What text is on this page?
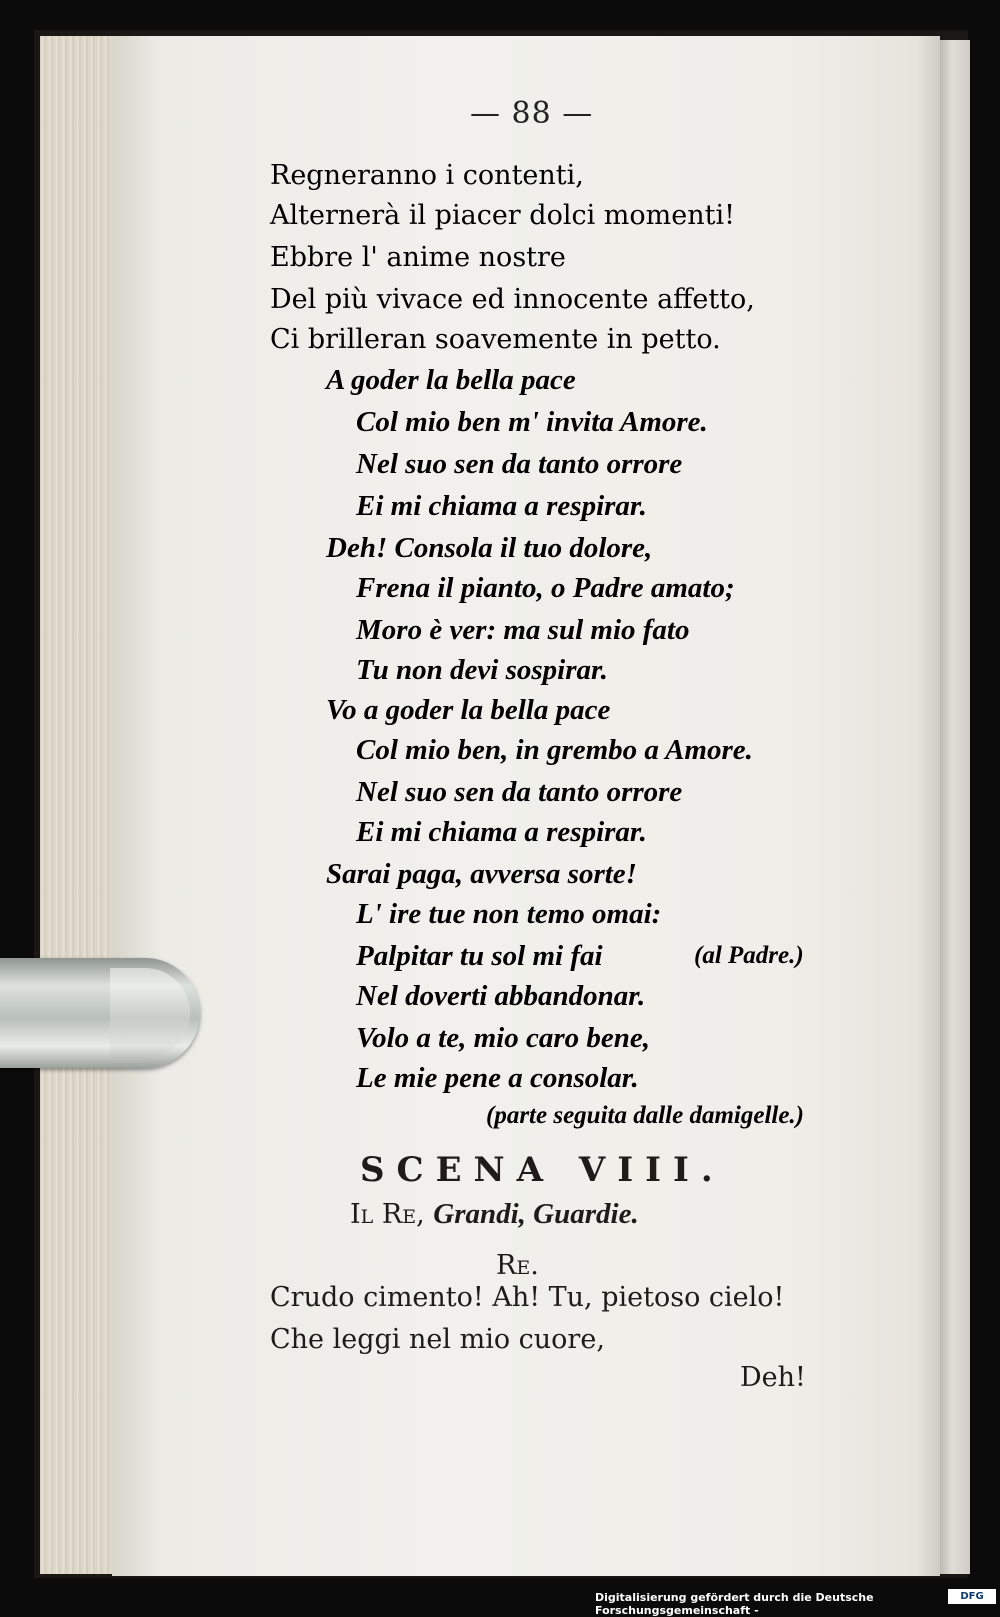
— 88 —
Regneranno i contenti,
Alternerà il piacer dolci momenti!
Ebbre l' anime nostre
Del più vivace ed innocente affetto,
Ci brilleran soavemente in petto.
A goder la bella pace
Col mio ben m' invita Amore.
Nel suo sen da tanto orrore
Ei mi chiama a respirar.
Deh! Consola il tuo dolore,
Frena il pianto, o Padre amato;
Moro è ver: ma sul mio fato
Tu non devi sospirar.
Vo a goder la bella pace
Col mio ben, in grembo a Amore.
Nel suo sen da tanto orrore
Ei mi chiama a respirar.
Sarai paga, avversa sorte!
L' ire tue non temo omai:
Palpitar tu sol mi fai	(al Padre.)
Nel doverti abbandonar.
Volo a te, mio caro bene,
Le mie pene a consolar.
(parte seguita dalle damigelle.)
SCENA VIII.
Il Re, Grandi, Guardie.
Re.
Crudo cimento! Ah! Tu, pietoso cielo!
Che leggi nel mio cuore,
Deh!
Digitalisierung gefördert durch die Deutsche Forschungsgemeinschaft -
DFG
